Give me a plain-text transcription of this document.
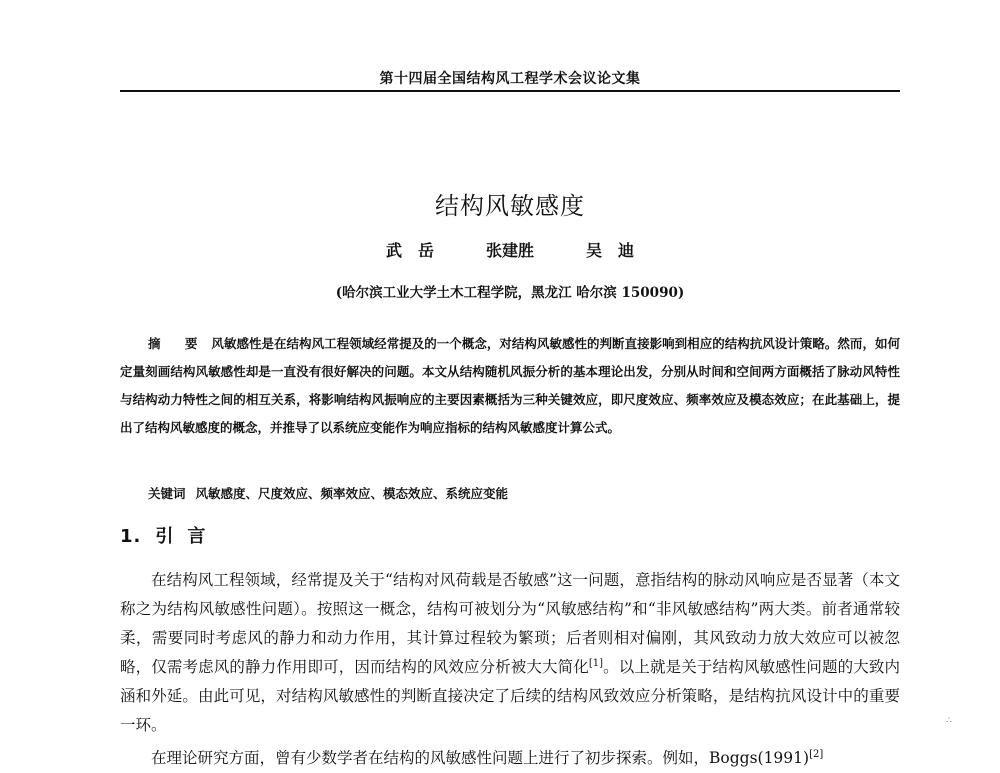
第十四届全国结构风工程学术会议论文集
结构风敏感度
武　岳	张建胜	吴　迪
(哈尔滨工业大学土木工程学院，黑龙江 哈尔滨 150090)
摘 要 风敏感性是在结构风工程领域经常提及的一个概念，对结构风敏感性的判断直接影响到相应的结构抗风设计策略。然而，如何定量刻画结构风敏感性却是一直没有很好解决的问题。本文从结构随机风振分析的基本理论出发，分别从时间和空间两方面概括了脉动风特性与结构动力特性之间的相互关系，将影响结构风振响应的主要因素概括为三种关键效应，即尺度效应、频率效应及模态效应；在此基础上，提出了结构风敏感度的概念，并推导了以系统应变能作为响应指标的结构风敏感度计算公式。
关键词 风敏感度、尺度效应、频率效应、模态效应、系统应变能
1. 引言

在结构风工程领域，经常提及关于“结构对风荷载是否敏感”这一问题，意指结构的脉动风响应是否显著（本文称之为结构风敏感性问题）。按照这一概念，结构可被划分为“风敏感结构”和“非风敏感结构”两大类。前者通常较柔，需要同时考虑风的静力和动力作用，其计算过程较为繁琐；后者则相对偏刚，其风致动力放大效应可以被忽略，仅需考虑风的静力作用即可，因而结构的风效应分析被大大简化[1]。以上就是关于结构风敏感性问题的大致内涵和外延。由此可见，对结构风敏感性的判断直接决定了后续的结构风致效应分析策略，是结构抗风设计中的重要一环。

在理论研究方面，曾有少数学者在结构的风敏感性问题上进行了初步探索。例如，Boggs(1991)[2]

∴
